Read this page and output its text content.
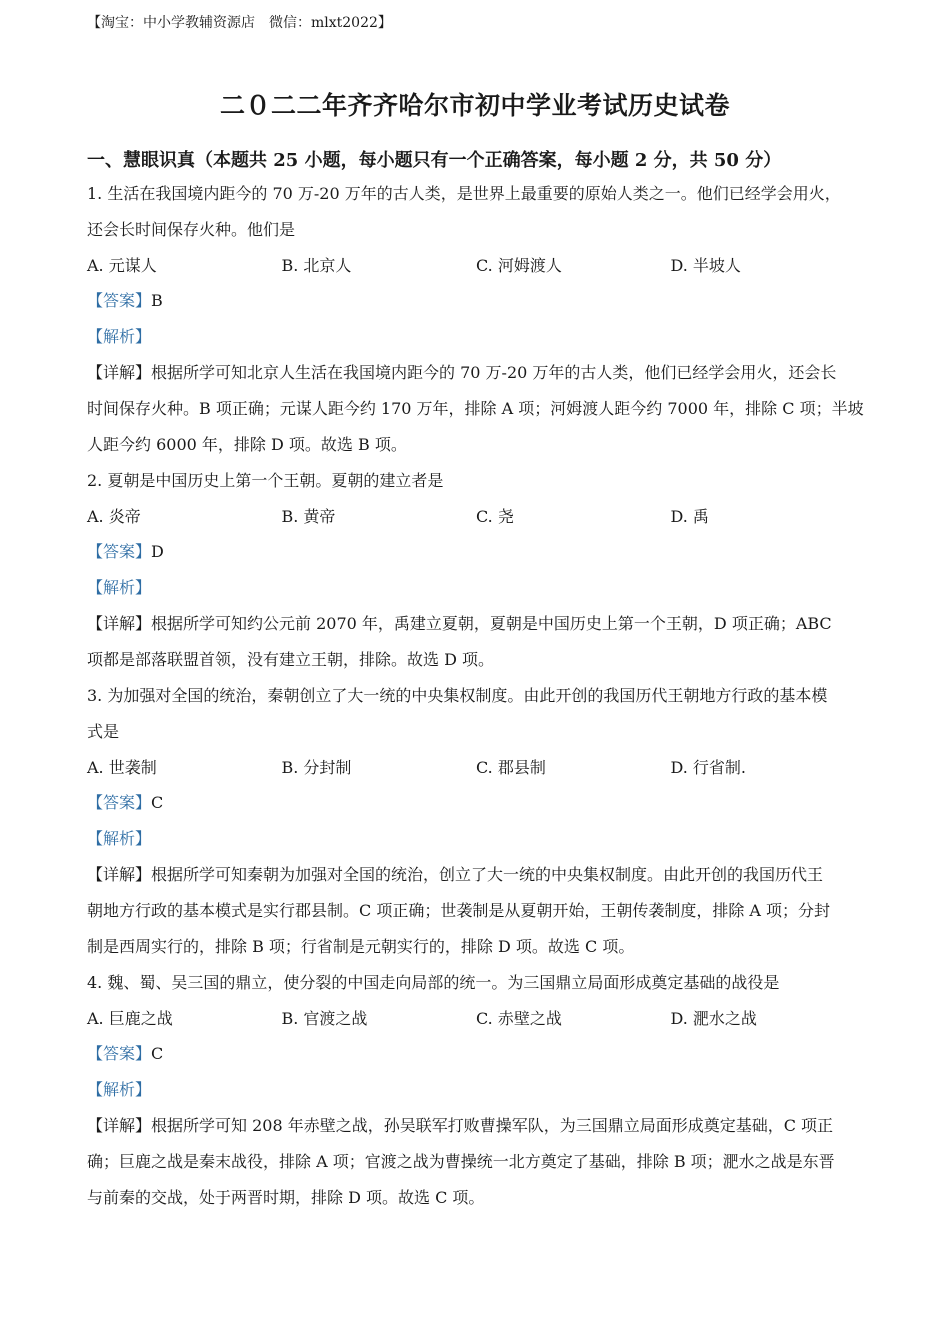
【淘宝：中小学教辅资源店　微信：mlxt2022】
二０二二年齐齐哈尔市初中学业考试历史试卷
一、慧眼识真（本题共 25 小题，每小题只有一个正确答案，每小题 2 分，共 50 分）
1. 生活在我国境内距今的 70 万-20 万年的古人类，是世界上最重要的原始人类之一。他们已经学会用火，
还会长时间保存火种。他们是
A. 元谋人	B. 北京人	C. 河姆渡人	D. 半坡人
【答案】B
【解析】
【详解】根据所学可知北京人生活在我国境内距今的 70 万-20 万年的古人类，他们已经学会用火，还会长
时间保存火种。B 项正确；元谋人距今约 170 万年，排除 A 项；河姆渡人距今约 7000 年，排除 C 项；半坡
人距今约 6000 年，排除 D 项。故选 B 项。
2. 夏朝是中国历史上第一个王朝。夏朝的建立者是
A. 炎帝	B. 黄帝	C. 尧	D. 禹
【答案】D
【解析】
【详解】根据所学可知约公元前 2070 年，禹建立夏朝，夏朝是中国历史上第一个王朝，D 项正确；ABC
项都是部落联盟首领，没有建立王朝，排除。故选 D 项。
3. 为加强对全国的统治，秦朝创立了大一统的中央集权制度。由此开创的我国历代王朝地方行政的基本模
式是
A. 世袭制	B. 分封制	C. 郡县制	D. 行省制.
【答案】C
【解析】
【详解】根据所学可知秦朝为加强对全国的统治，创立了大一统的中央集权制度。由此开创的我国历代王
朝地方行政的基本模式是实行郡县制。C 项正确；世袭制是从夏朝开始，王朝传袭制度，排除 A 项；分封
制是西周实行的，排除 B 项；行省制是元朝实行的，排除 D 项。故选 C 项。
4. 魏、蜀、吴三国的鼎立，使分裂的中国走向局部的统一。为三国鼎立局面形成奠定基础的战役是
A. 巨鹿之战	B. 官渡之战	C. 赤壁之战	D. 淝水之战
【答案】C
【解析】
【详解】根据所学可知 208 年赤壁之战，孙吴联军打败曹操军队，为三国鼎立局面形成奠定基础，C 项正
确；巨鹿之战是秦末战役，排除 A 项；官渡之战为曹操统一北方奠定了基础，排除 B 项；淝水之战是东晋
与前秦的交战，处于两晋时期，排除 D 项。故选 C 项。
